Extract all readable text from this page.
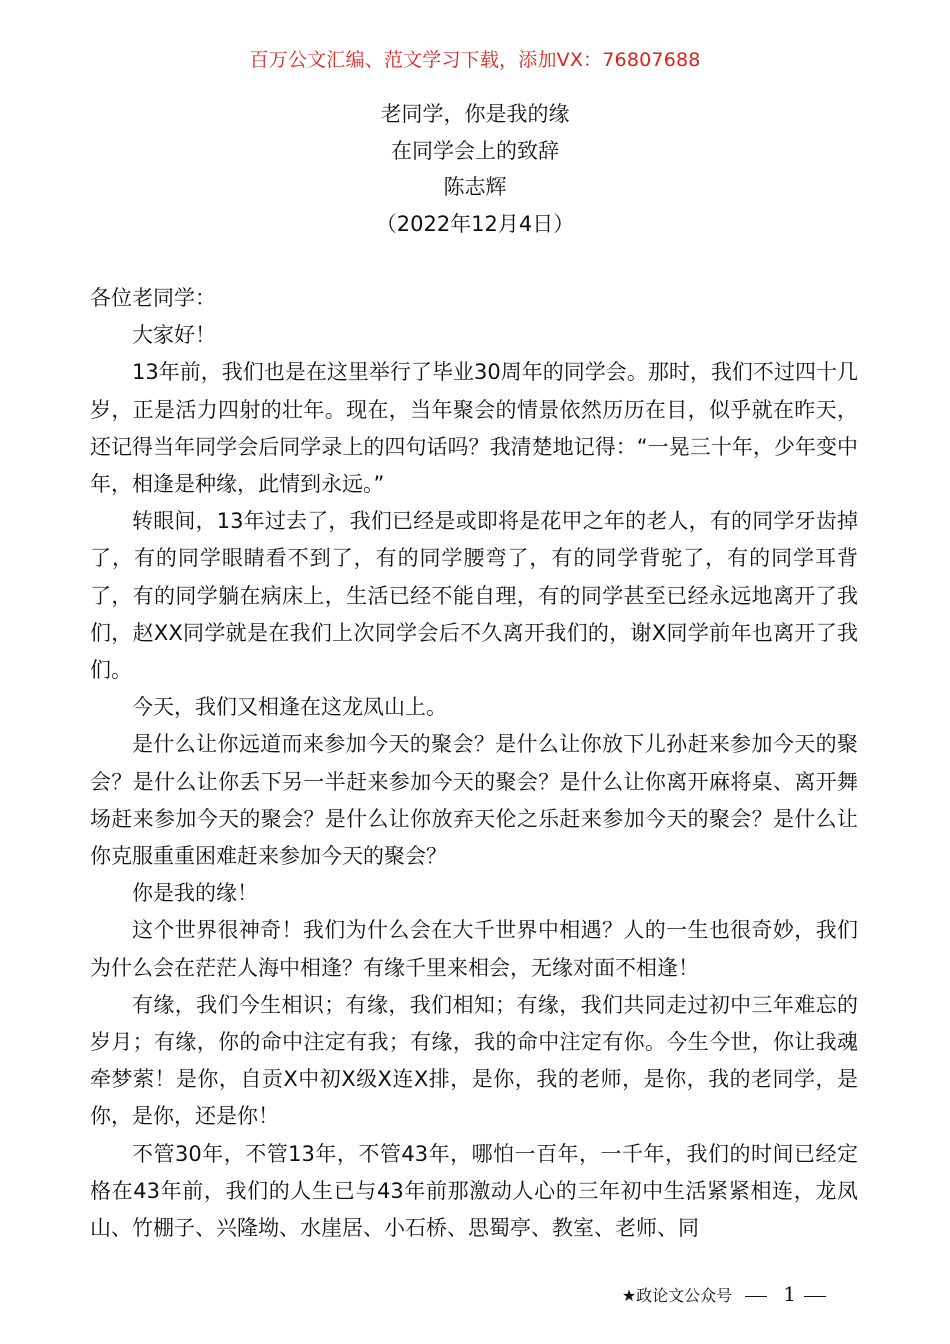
百万公文汇编、范文学习下载，添加VX：76807688
老同学，你是我的缘
在同学会上的致辞
陈志辉
（2022年12月4日）

各位老同学：

大家好！

13年前，我们也是在这里举行了毕业30周年的同学会。那时，我们不过四十几岁，正是活力四射的壮年。现在，当年聚会的情景依然历历在目，似乎就在昨天，还记得当年同学会后同学录上的四句话吗？我清楚地记得：“一晃三十年，少年变中年，相逢是种缘，此情到永远。”

转眼间，13年过去了，我们已经是或即将是花甲之年的老人，有的同学牙齿掉了，有的同学眼睛看不到了，有的同学腰弯了，有的同学背驼了，有的同学耳背了，有的同学躺在病床上，生活已经不能自理，有的同学甚至已经永远地离开了我们，赵XX同学就是在我们上次同学会后不久离开我们的，谢X同学前年也离开了我们。

今天，我们又相逢在这龙凤山上。

是什么让你远道而来参加今天的聚会？是什么让你放下儿孙赶来参加今天的聚会？是什么让你丢下另一半赶来参加今天的聚会？是什么让你离开麻将桌、离开舞场赶来参加今天的聚会？是什么让你放弃天伦之乐赶来参加今天的聚会？是什么让你克服重重困难赶来参加今天的聚会？

你是我的缘！

这个世界很神奇！我们为什么会在大千世界中相遇？人的一生也很奇妙，我们为什么会在茫茫人海中相逢？有缘千里来相会，无缘对面不相逢！

有缘，我们今生相识；有缘，我们相知；有缘，我们共同走过初中三年难忘的岁月；有缘，你的命中注定有我；有缘，我的命中注定有你。今生今世，你让我魂牵梦萦！是你，自贡X中初X级X连X排，是你，我的老师，是你，我的老同学，是你，是你，还是你！

不管30年，不管13年，不管43年，哪怕一百年，一千年，我们的时间已经定格在43年前，我们的人生已与43年前那激动人心的三年初中生活紧紧相连，龙凤山、竹棚子、兴隆坳、水崖居、小石桥、思蜀亭、教室、老师、同

★政论文公众号	1
